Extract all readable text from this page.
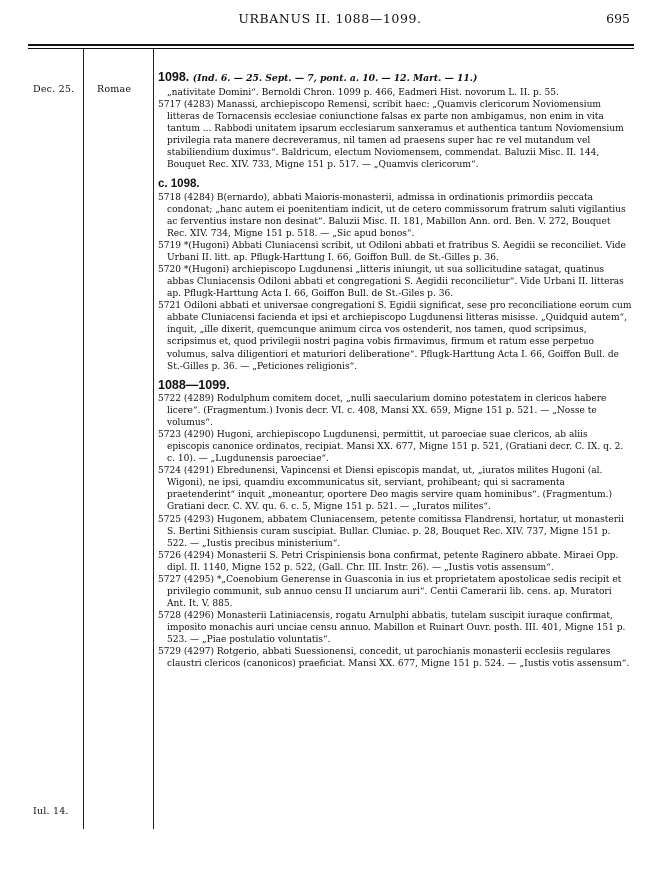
URBANUS II. 1088—1099.	695
Dec. 25. Romae
Iul. 14.
1098. (Ind. 6. — 25. Sept. — 7, pont. a. 10. — 12. Mart. — 11.)

„nativitate Domini“. Bernoldi Chron. 1099 p. 466, Eadmeri Hist. novorum L. II. p. 55.

5717 (4283) Manassi, archiepiscopo Remensi, scribit haec: „Quamvis clericorum Noviomensium litteras de Tornacensis ecclesiae coniunctione falsas ex parte non ambigamus, non enim in vita tantum ... Rabbodi unitatem ipsarum ecclesiarum sanxeramus et authentica tantum Noviomensium privilegia rata manere decreveramus, nil tamen ad praesens super hac re vel mutandum vel stabiliendium duximus“. Baldricum, electum Noviomensem, commendat. Baluzii Misc. II. 144, Bouquet Rec. XIV. 733, Migne 151 p. 517. — „Quamvis clericorum“.

c. 1098.

5718 (4284) B(ernardo), abbati Maioris-monasterii, admissa in ordinationis primordiis peccata condonat; „hanc autem ei poenitentiam indicit, ut de cetero commissorum fratrum saluti vigilantius ac ferventius instare non desinat“. Baluzii Misc. II. 181, Mabillon Ann. ord. Ben. V. 272, Bouquet Rec. XIV. 734, Migne 151 p. 518. — „Sic apud bonos“.

5719 *(Hugoni) Abbati Cluniacensi scribit, ut Odiloni abbati et fratribus S. Aegidii se reconciliet. Vide Urbani II. litt. ap. Pflugk-Harttung I. 66, Goiffon Bull. de St.-Gilles p. 36.

5720 *(Hugoni) archiepiscopo Lugdunensi „litteris iniungit, ut sua sollicitudine satagat, quatinus abbas Cluniacensis Odiloni abbati et congregationi S. Aegidii reconcilietur“. Vide Urbani II. litteras ap. Pflugk-Harttung Acta I. 66, Goiffon Bull. de St.-Giles p. 36.

5721 Odiloni abbati et universae congregationi S. Egidii significat, sese pro reconciliatione eorum cum abbate Cluniacensi facienda et ipsi et archiepiscopo Lugdunensi litteras misisse. „Quidquid autem“, inquit, „ille dixerit, quemcunque animum circa vos ostenderit, nos tamen, quod scripsimus, scripsimus et, quod privilegii nostri pagina vobis firmavimus, firmum et ratum esse perpetuo volumus, salva diligentiori et maturiori deliberatione“. Pflugk-Harttung Acta I. 66, Goiffon Bull. de St.-Gilles p. 36. — „Peticiones religionis“.

1088—1099.

5722 (4289) Rodulphum comitem docet, „nulli saecularium domino potestatem in clericos habere licere“. (Fragmentum.) Ivonis decr. VI. c. 408, Mansi XX. 659, Migne 151 p. 521. — „Nosse te volumus“.

5723 (4290) Hugoni, archiepiscopo Lugdunensi, permittit, ut paroeciae suae clericos, ab aliis episcopis canonice ordinatos, recipiat. Mansi XX. 677, Migne 151 p. 521, (Gratiani decr. C. IX. q. 2. c. 10). — „Lugdunensis paroeciae“.

5724 (4291) Ebredunensi, Vapincensi et Diensi episcopis mandat, ut, „iuratos milites Hugoni (al. Wigoni), ne ipsi, quamdiu excommunicatus sit, serviant, prohibeant; qui si sacramenta praetenderint“ inquit „moneantur, oportere Deo magis servire quam hominibus“. (Fragmentum.) Gratiani decr. C. XV. qu. 6. c. 5, Migne 151 p. 521. — „Iuratos milites“.

5725 (4293) Hugonem, abbatem Cluniacensem, petente comitissa Flandrensi, hortatur, ut monasterii S. Bertini Sithiensis curam suscipiat. Bullar. Cluniac. p. 28, Bouquet Rec. XIV. 737, Migne 151 p. 522. — „Iustis precibus ministerium“.

5726 (4294) Monasterii S. Petri Crispiniensis bona confirmat, petente Raginero abbate. Miraei Opp. dipl. II. 1140, Migne 152 p. 522, (Gall. Chr. III. Instr. 26). — „Iustis votis assensum“.

5727 (4295) *„Coenobium Generense in Guasconia in ius et proprietatem apostolicae sedis recipit et privilegio communit, sub annuo censu II unciarum auri“. Centii Camerarii lib. cens. ap. Muratori Ant. It. V. 885.

5728 (4296) Monasterii Latiniacensis, rogatu Arnulphi abbatis, tutelam suscipit iuraque confirmat, imposito monachis auri unciae censu annuo. Mabillon et Ruinart Ouvr. posth. III. 401, Migne 151 p. 523. — „Piae postulatio voluntatis“.

5729 (4297) Rotgerio, abbati Suessionensi, concedit, ut parochianis monasterii ecclesiis regulares claustri clericos (canonicos) praeficiat. Mansi XX. 677, Migne 151 p. 524. — „Iustis votis assensum“.
